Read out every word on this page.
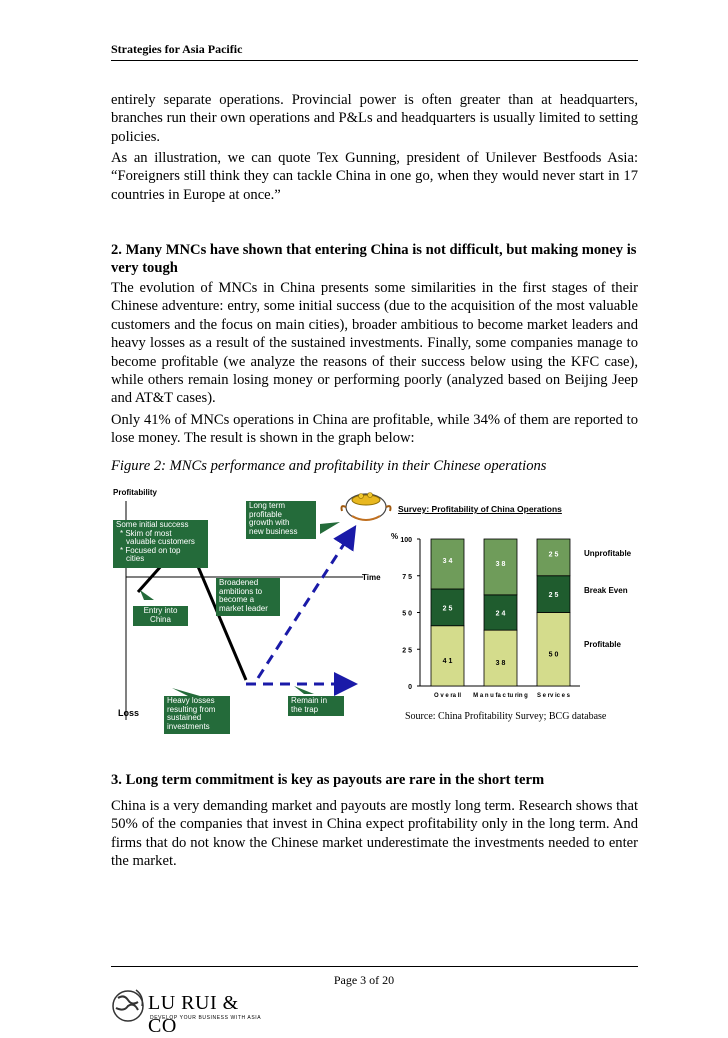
Strategies for Asia Pacific

entirely separate operations. Provincial power is often greater than at headquarters, branches run their own operations and P&Ls and headquarters is usually limited to setting policies.

As an illustration, we can quote Tex Gunning, president of Unilever Bestfoods Asia: “Foreigners still think they can tackle China in one go, when they would never start in 17 countries in Europe at once.”

2. Many MNCs have shown that entering China is not difficult, but making money is very tough

The evolution of MNCs in China presents some similarities in the first stages of their Chinese adventure: entry, some initial success (due to the acquisition of the most valuable customers and the focus on main cities), broader ambitious to become market leaders and heavy losses as a result of the sustained investments. Finally, some companies manage to become profitable (we analyze the reasons of their success below using the KFC case), while others remain losing money or performing poorly (analyzed based on Beijing Jeep and AT&T cases).

Only 41% of MNCs operations in China are profitable, while 34% of them are reported to lose money. The result is shown in the graph below:

Figure 2: MNCs performance and profitability in their Chinese operations
0
2 5
5 0
7 5
100
4 1
2 5
3 4
O v e ra ll
3 8
2 4
3 8
M a n u fa c tu rin g
5 0
2 5
2 5
S e rv ic e s
Profitability
Loss
Time
Some initial success
* Skim of most
valuable customers
* Focused on top
cities
Entry into
China
Broadened
ambitions to
become a
market leader
Heavy losses
resulting from
sustained
investments
Long term
profitable
growth with
new business
Remain in
the trap
Survey: Profitability of China Operations
%
Unprofitable
Break Even
Profitable
Source: China Profitability Survey; BCG database

3. Long term commitment is key as payouts are rare in the short term

China is a very demanding market and payouts are mostly long term. Research shows that 50% of the companies that invest in China expect profitability only in the long term. And firms that do not know the Chinese market underestimate the investments needed to enter the market.

Page 3 of 20
LU RUI & CO
DEVELOP YOUR BUSINESS WITH ASIA
